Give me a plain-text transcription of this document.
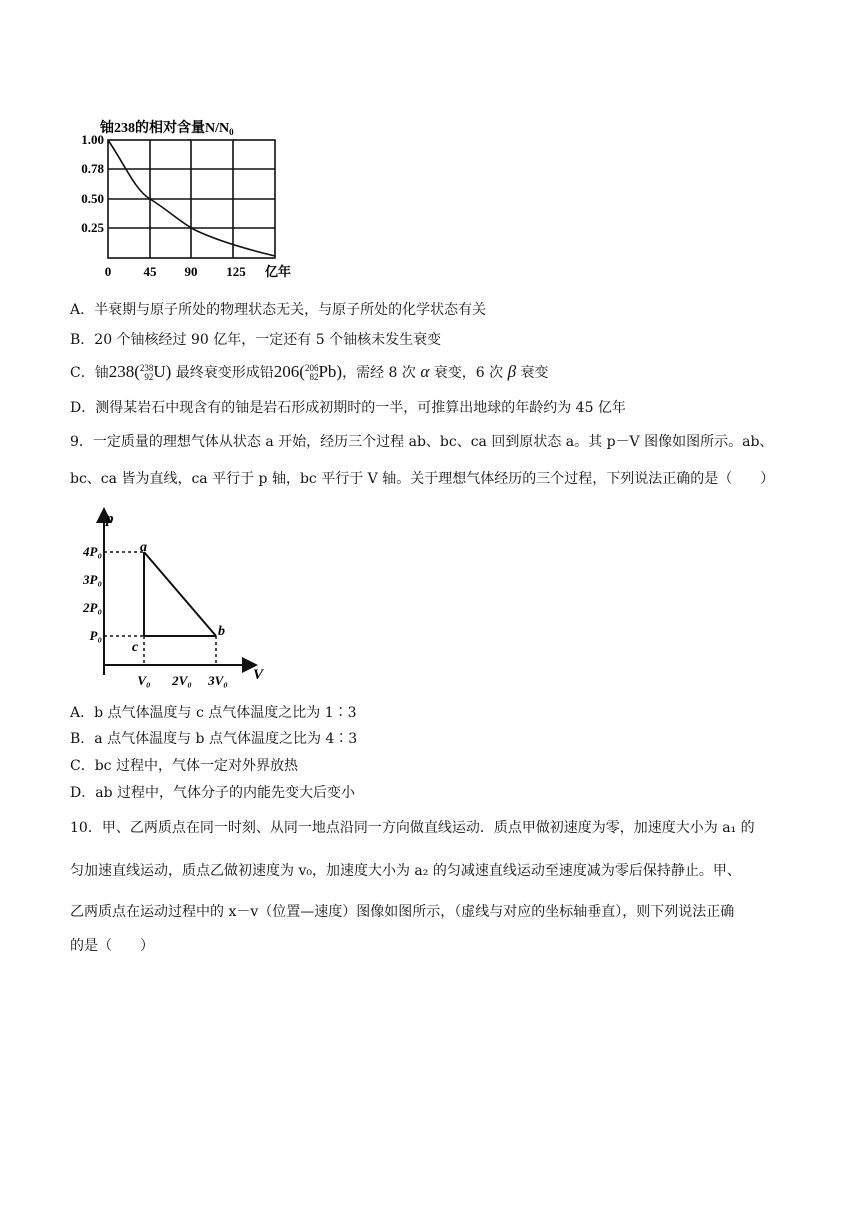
铀238的相对含量$N/N_0$
1.00
0.78
0.50
0.25
0 45 90 125 亿年
A．半衰期与原子所处的物理状态无关，与原子所处的化学状态有关
B．20 个铀核经过 90 亿年，一定还有 5 个铀核未发生衰变
C．铀238(238
92U) 最终衰变形成铅206(206
82Pb)，需经 8 次 α 衰变，6 次 β 衰变
D．测得某岩石中现含有的铀是岩石形成初期时的一半，可推算出地球的年龄约为 45 亿年
9．一定质量的理想气体从状态 a 开始，经历三个过程 ab、bc、ca 回到原状态 a。其 p－V 图像如图所示。ab、
bc、ca 皆为直线，ca 平行于 p 轴，bc 平行于 V 轴。关于理想气体经历的三个过程，下列说法正确的是（　　）
p
V
4P₀
3P₀
2P₀
P₀
V₀ 2V₀ 3V₀
a
b
c
A．b 点气体温度与 c 点气体温度之比为 1∶3
B．a 点气体温度与 b 点气体温度之比为 4∶3
C．bc 过程中，气体一定对外界放热
D．ab 过程中，气体分子的内能先变大后变小
10．甲、乙两质点在同一时刻、从同一地点沿同一方向做直线运动．质点甲做初速度为零，加速度大小为 a₁ 的
匀加速直线运动，质点乙做初速度为 v₀，加速度大小为 a₂ 的匀减速直线运动至速度减为零后保持静止。甲、
乙两质点在运动过程中的 x－v（位置—速度）图像如图所示，（虚线与对应的坐标轴垂直），则下列说法正确
的是（　　）
